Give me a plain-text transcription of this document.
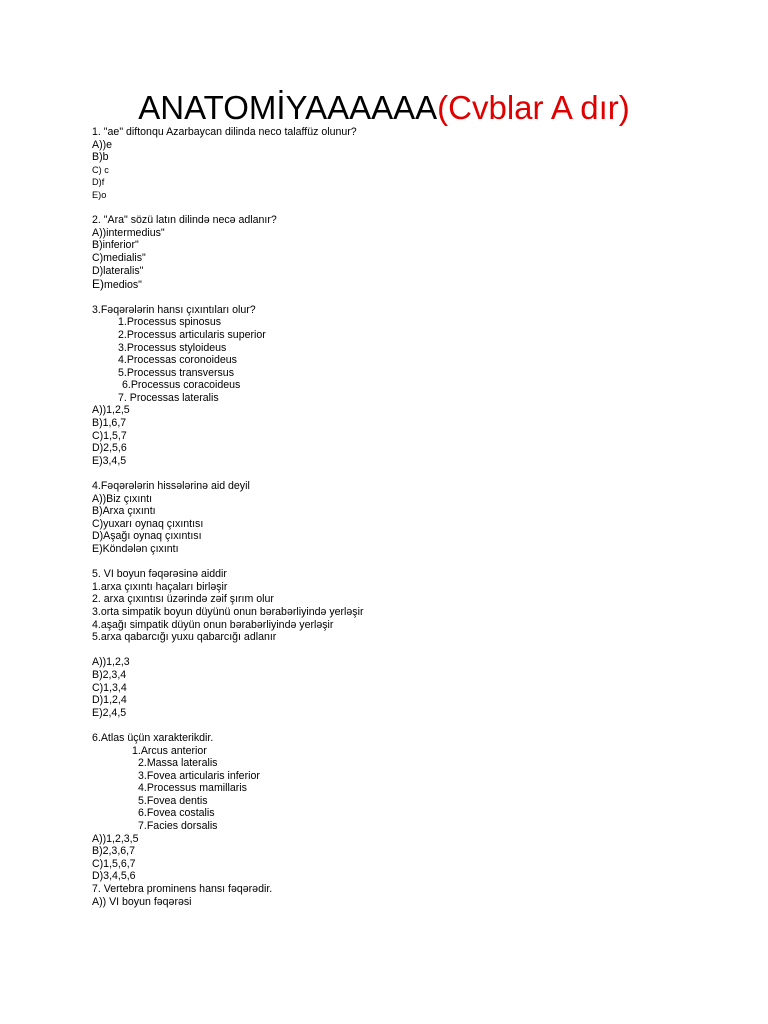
ANATOMİYAAAAAA(Cvblar A dır)
1. "ae" diftonqu Azarbaycan dilinda neco talaffüz olunur?
A))e
B)b
C) c
D)f
E)o
2. "Ara" sözü latın dilində necə adlanır?
A))intermedius"
B)inferior"
C)medialis"
D)lateralis"
E)medios"
3.Fəqərələrin hansı çıxıntıları olur?
1.Processus spinosus
2.Processus articularis superior
3.Processus styloideus
4.Processas coronoideus
5.Processus transversus
6.Processus coracoideus
7. Processas lateralis
A))1,2,5
B)1,6,7
C)1,5,7
D)2,5,6
E)3,4,5
4.Fəqərələrin hissələrinə aid deyil
A))Biz çıxıntı
B)Arxa çıxıntı
C)yuxarı oynaq çıxıntısı
D)Aşağı oynaq çıxıntısı
E)Köndələn çıxıntı
5. VI boyun fəqərəsinə aiddir
1.arxa çıxıntı haçaları birləşir
2. arxa çıxıntısı üzərində zəif şırım olur
3.orta simpatik boyun düyünü onun bərabərliyində yerləşir
4.aşağı simpatik düyün onun bərabərliyində yerləşir
5.arxa qabarcığı yuxu qabarcığı adlanır
A))1,2,3
B)2,3,4
C)1,3,4
D)1,2,4
E)2,4,5
6.Atlas üçün xarakterikdir.
1.Arcus anterior
2.Massa lateralis
3.Fovea articularis inferior
4.Processus mamillaris
5.Fovea dentis
6.Fovea costalis
7.Facies dorsalis
A))1,2,3,5
B)2,3,6,7
C)1,5,6,7
D)3,4,5,6
7. Vertebra prominens hansı fəqərədir.
A)) VI boyun fəqərəsi
